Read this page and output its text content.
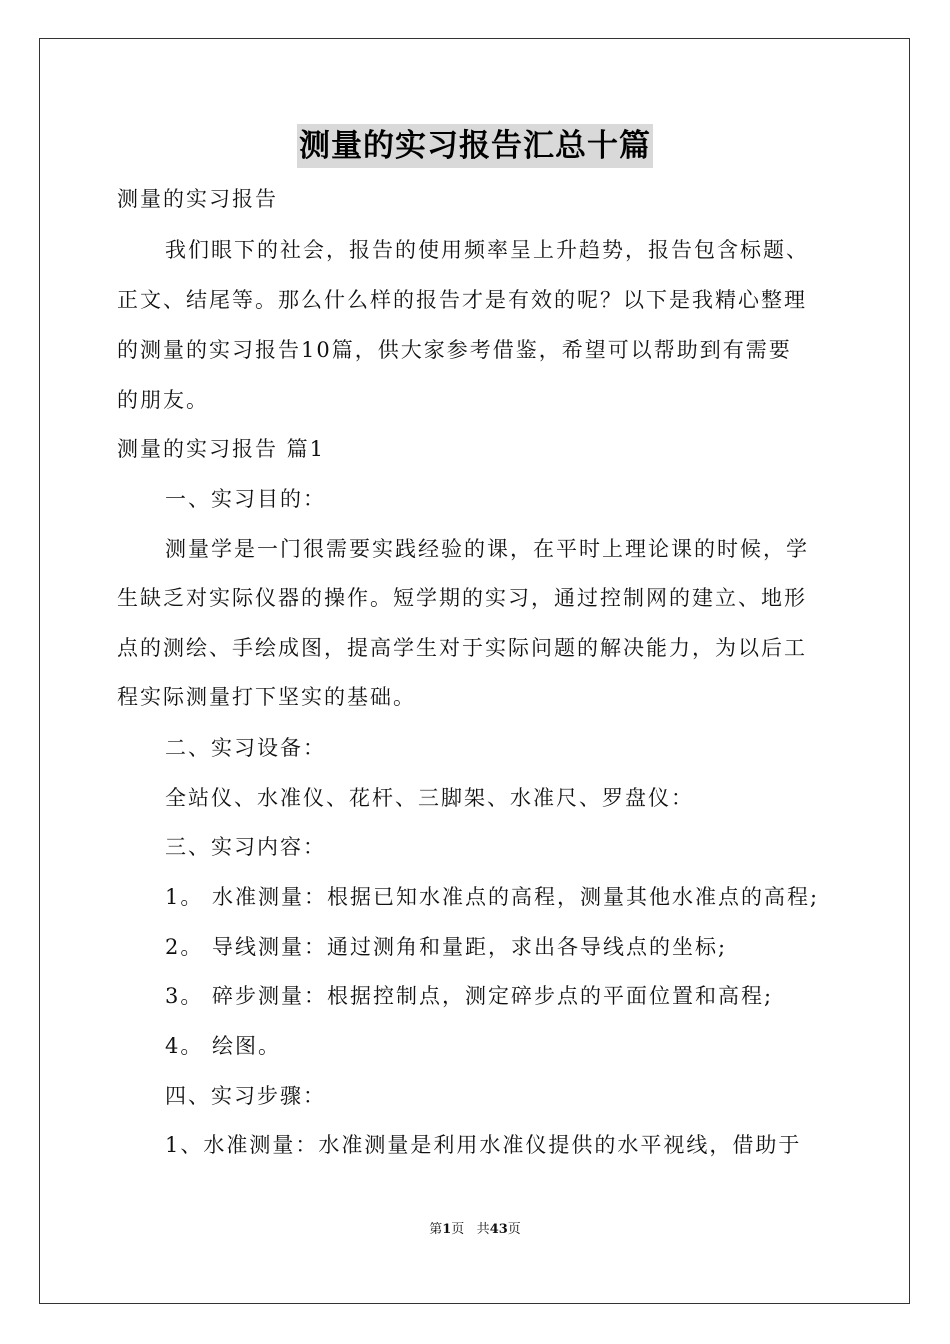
测量的实习报告汇总十篇
测量的实习报告
我们眼下的社会，报告的使用频率呈上升趋势，报告包含标题、
正文、结尾等。那么什么样的报告才是有效的呢？以下是我精心整理
的测量的实习报告10篇，供大家参考借鉴，希望可以帮助到有需要
的朋友。
测量的实习报告 篇1
一、实习目的：
测量学是一门很需要实践经验的课，在平时上理论课的时候，学
生缺乏对实际仪器的操作。短学期的实习，通过控制网的建立、地形
点的测绘、手绘成图，提高学生对于实际问题的解决能力，为以后工
程实际测量打下坚实的基础。
二、实习设备：
全站仪、水准仪、花杆、三脚架、水准尺、罗盘仪：
三、实习内容：
1。 水准测量：根据已知水准点的高程，测量其他水准点的高程;
2。 导线测量：通过测角和量距，求出各导线点的坐标;
3。 碎步测量：根据控制点，测定碎步点的平面位置和高程;
4。 绘图。
四、实习步骤：
1、水准测量：水准测量是利用水准仪提供的水平视线，借助于
第1页 共43页
